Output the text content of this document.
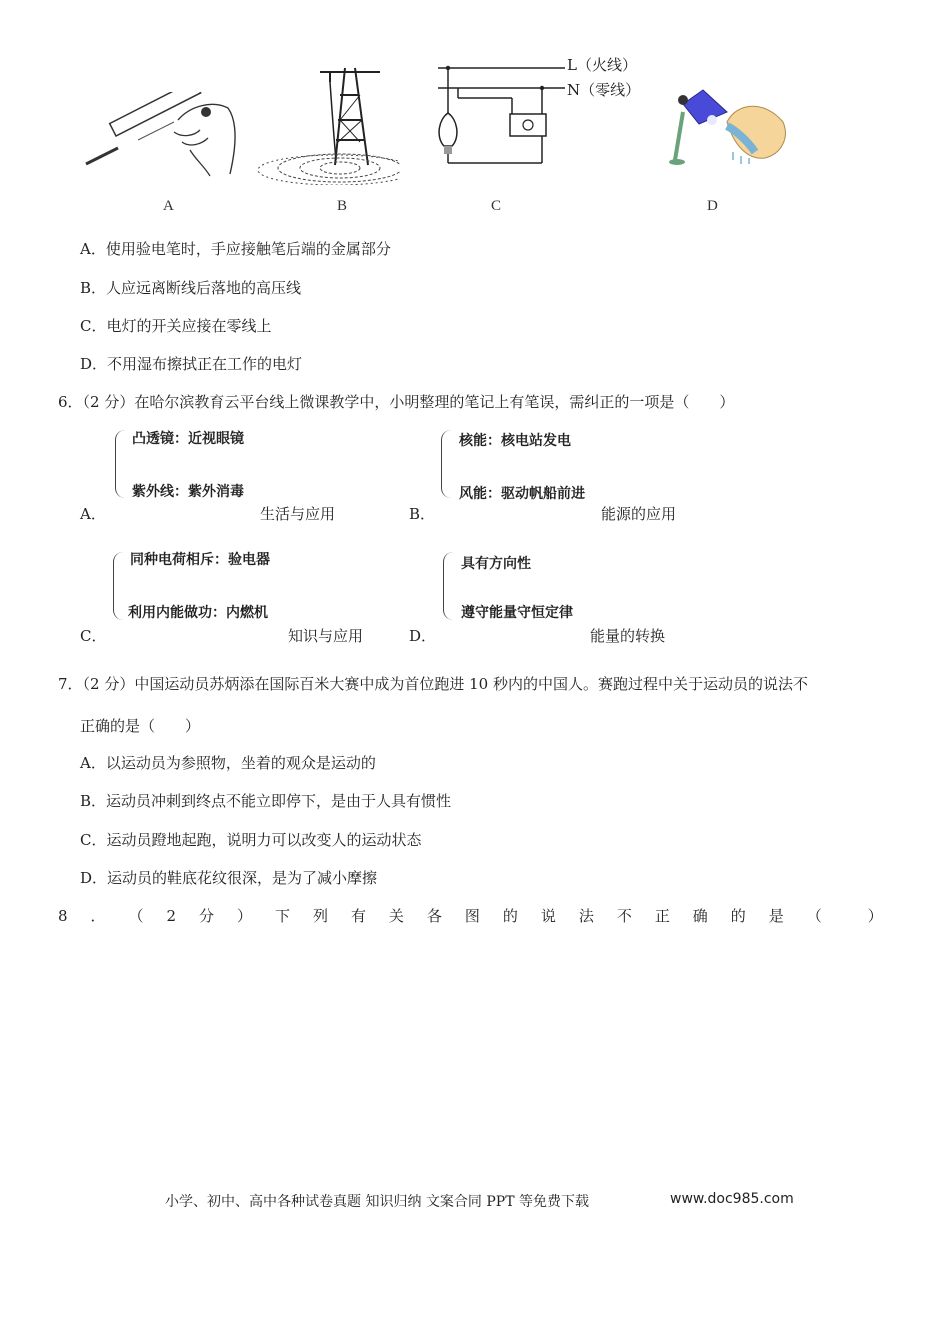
A	B
L（火线）
N（零线）
C	D
A．使用验电笔时，手应接触笔后端的金属部分
B．人应远离断线后落地的高压线
C．电灯的开关应接在零线上
D．不用湿布擦拭正在工作的电灯
6．（2 分）在哈尔滨教育云平台线上微课教学中，小明整理的笔记上有笔误，需纠正的一项是（　　）
凸透镜：近视眼镜
紫外线：紫外消毒
A．	生活与应用
核能：核电站发电
风能：驱动帆船前进
B．	能源的应用
同种电荷相斥：验电器
利用内能做功：内燃机
C．	知识与应用
具有方向性
遵守能量守恒定律
D．	能量的转换
7．（2 分）中国运动员苏炳添在国际百米大赛中成为首位跑进 10 秒内的中国人。赛跑过程中关于运动员的说法不
正确的是（　　）
A．以运动员为参照物，坐着的观众是运动的
B．运动员冲刺到终点不能立即停下，是由于人具有惯性
C．运动员蹬地起跑，说明力可以改变人的运动状态
D．运动员的鞋底花纹很深，是为了减小摩擦
8 ． （ 2 分 ） 下 列 有 关 各 图 的 说 法 不 正 确 的 是 （	）
小学、初中、高中各种试卷真题 知识归纳 文案合同 PPT 等免费下载	www.doc985.com
